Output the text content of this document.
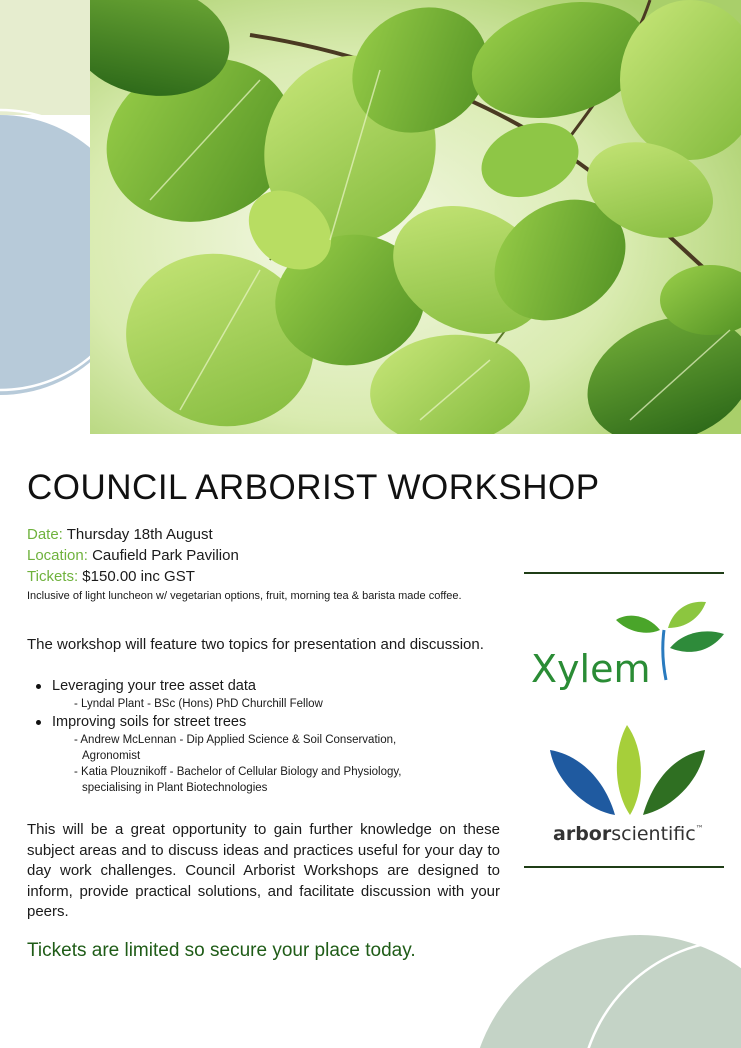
COUNCIL ARBORIST WORKSHOP
Date: Thursday 18th August
Location: Caufield Park Pavilion
Tickets: $150.00 inc GST
Inclusive of light luncheon w/ vegetarian options, fruit, morning tea & barista made coffee.
The workshop will feature two topics for presentation and discussion.
Leveraging your tree asset data
- Lyndal Plant - BSc (Hons) PhD Churchill Fellow
Improving soils for street trees
- Andrew McLennan - Dip Applied Science & Soil Conservation,
Agronomist
- Katia Plouznikoff - Bachelor of Cellular Biology and Physiology,
specialising in Plant Biotechnologies
This will be a great opportunity to gain further knowledge on these subject areas and to discuss ideas and practices useful for your day to day work challenges. Council Arborist Workshops are designed to inform, provide practical solutions, and facilitate discussion with your peers.
Tickets are limited so secure your place today.
Xylem
arborscientific™
